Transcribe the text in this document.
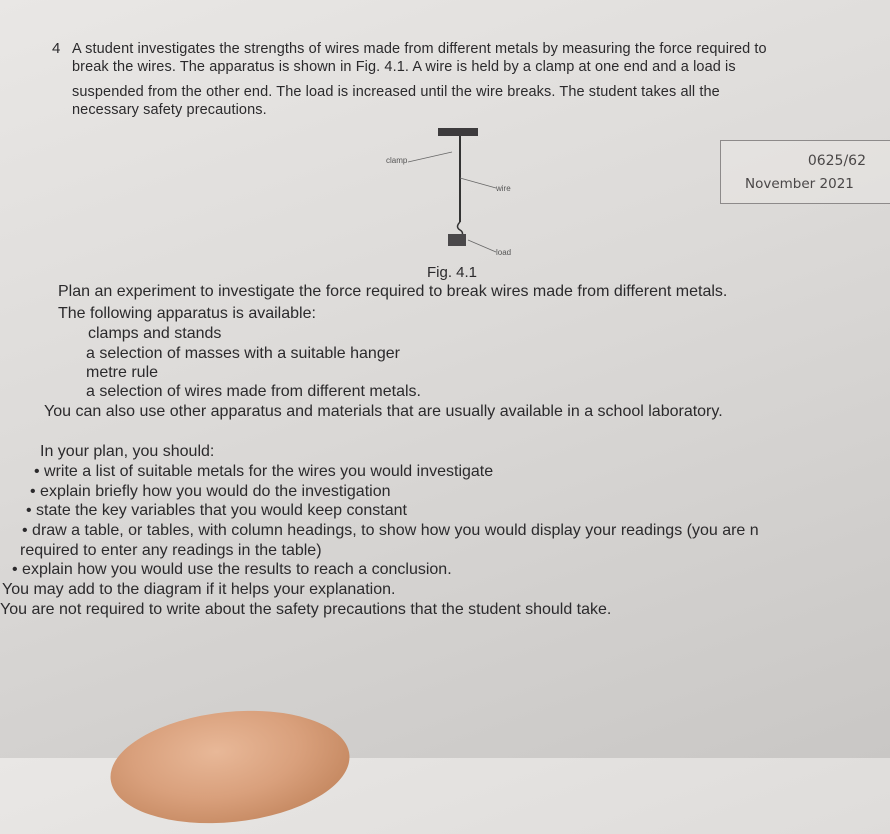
4 A student investigates the strengths of wires made from different metals by measuring the force required to
break the wires. The apparatus is shown in Fig. 4.1. A wire is held by a clamp at one end and a load is
suspended from the other end. The load is increased until the wire breaks. The student takes all the
necessary safety precautions.
clamp
wire
load
Fig. 4.1
0625/62
November 2021
Plan an experiment to investigate the force required to break wires made from different metals.
The following apparatus is available:
clamps and stands
a selection of masses with a suitable hanger
metre rule
a selection of wires made from different metals.
You can also use other apparatus and materials that are usually available in a school laboratory.
In your plan, you should:
• write a list of suitable metals for the wires you would investigate
• explain briefly how you would do the investigation
• state the key variables that you would keep constant
• draw a table, or tables, with column headings, to show how you would display your readings (you are n
required to enter any readings in the table)
• explain how you would use the results to reach a conclusion.
You may add to the diagram if it helps your explanation.
You are not required to write about the safety precautions that the student should take.
